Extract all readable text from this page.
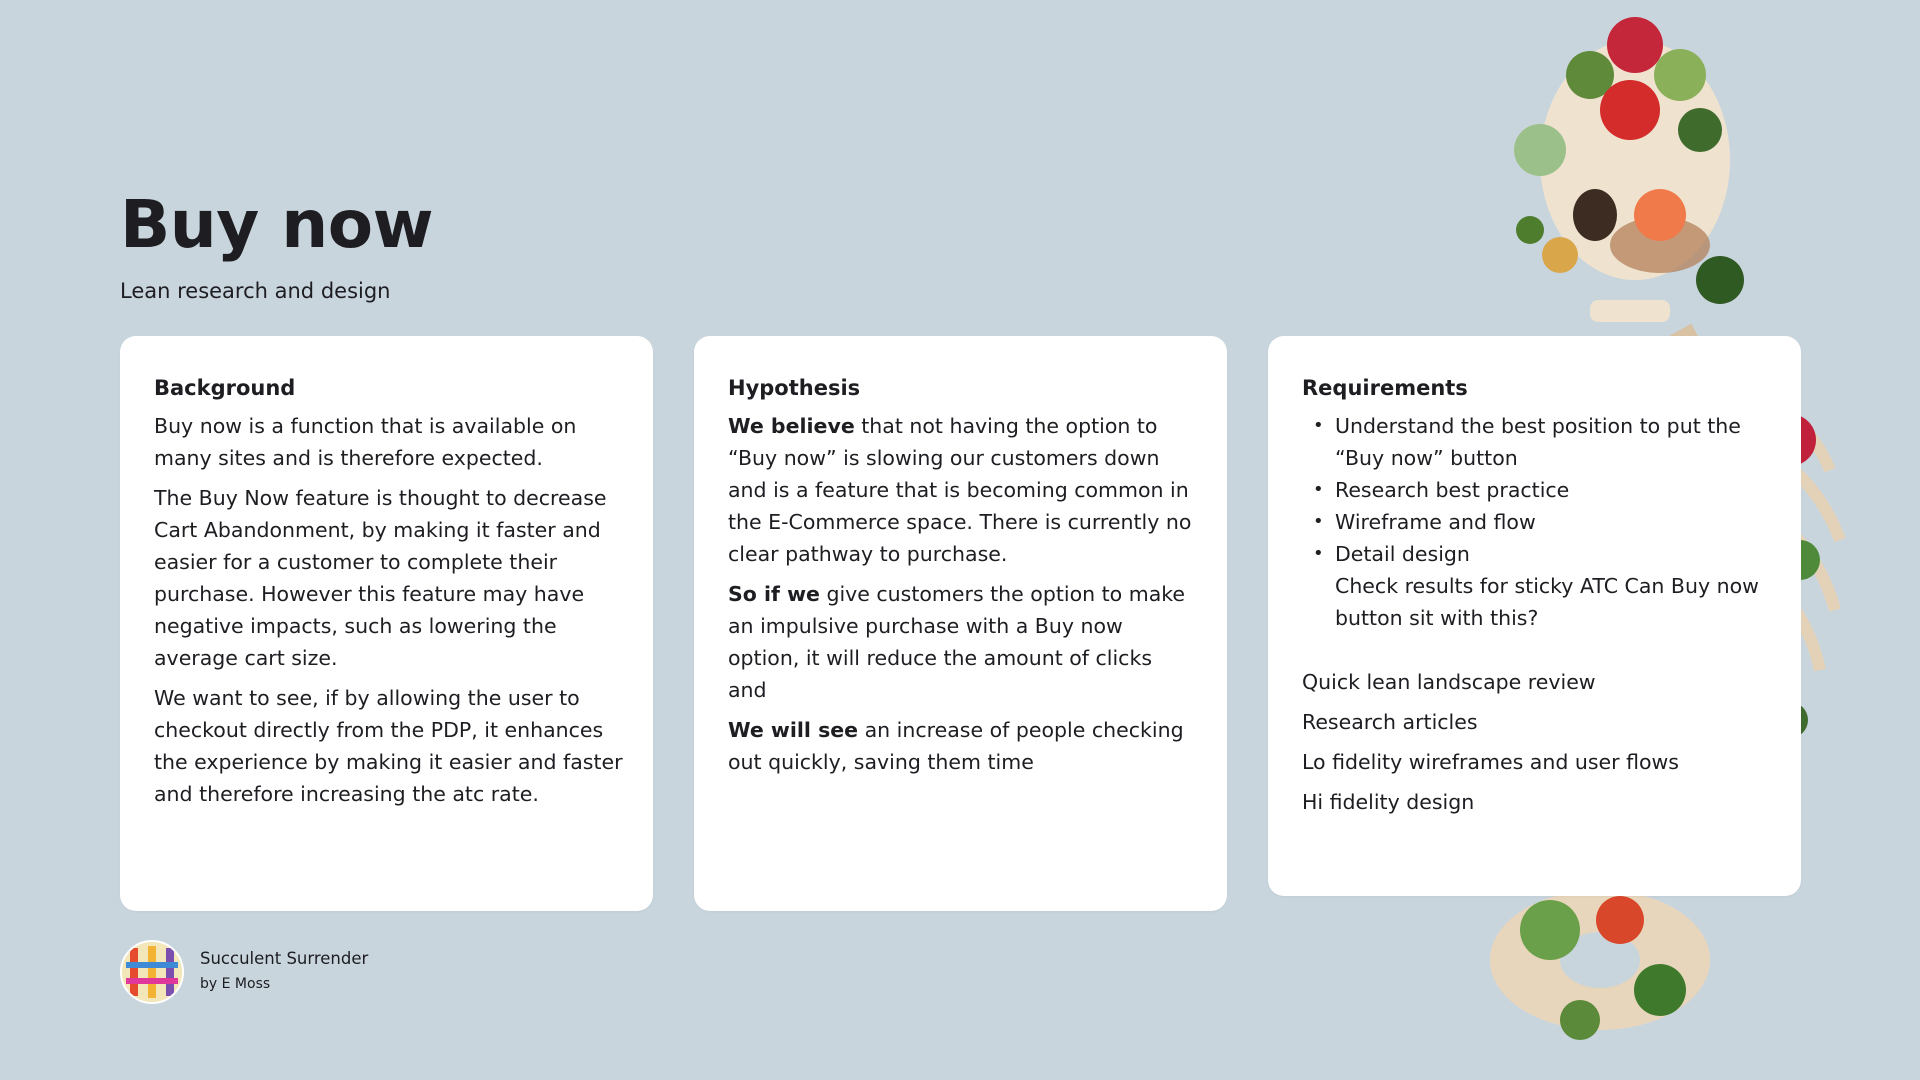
Buy now

Lean research and design

Background

Buy now is a function that is available on many sites and is therefore expected.

The Buy Now feature is thought to decrease Cart Abandonment, by making it faster and easier for a customer to complete their purchase. However this feature may have negative impacts, such as lowering the average cart size.

We want to see, if by allowing the user to checkout directly from the PDP, it enhances the experience by making it easier and faster and therefore increasing the atc rate.

Hypothesis

We believe that not having the option to “Buy now” is slowing our customers down and is a feature that is becoming common in the E-Commerce space. There is currently no clear pathway to purchase.

So if we give customers the option to make an impulsive purchase with a Buy now option, it will reduce the amount of clicks and

We will see an increase of people checking out quickly, saving them time

Requirements
• Understand the best position to put the “Buy now” button
• Research best practice
• Wireframe and flow
• Detail design
Check results for sticky ATC Can Buy now button sit with this?

Quick lean landscape review

Research articles

Lo fidelity wireframes and user flows

Hi fidelity design

Succulent Surrender

by E Moss
